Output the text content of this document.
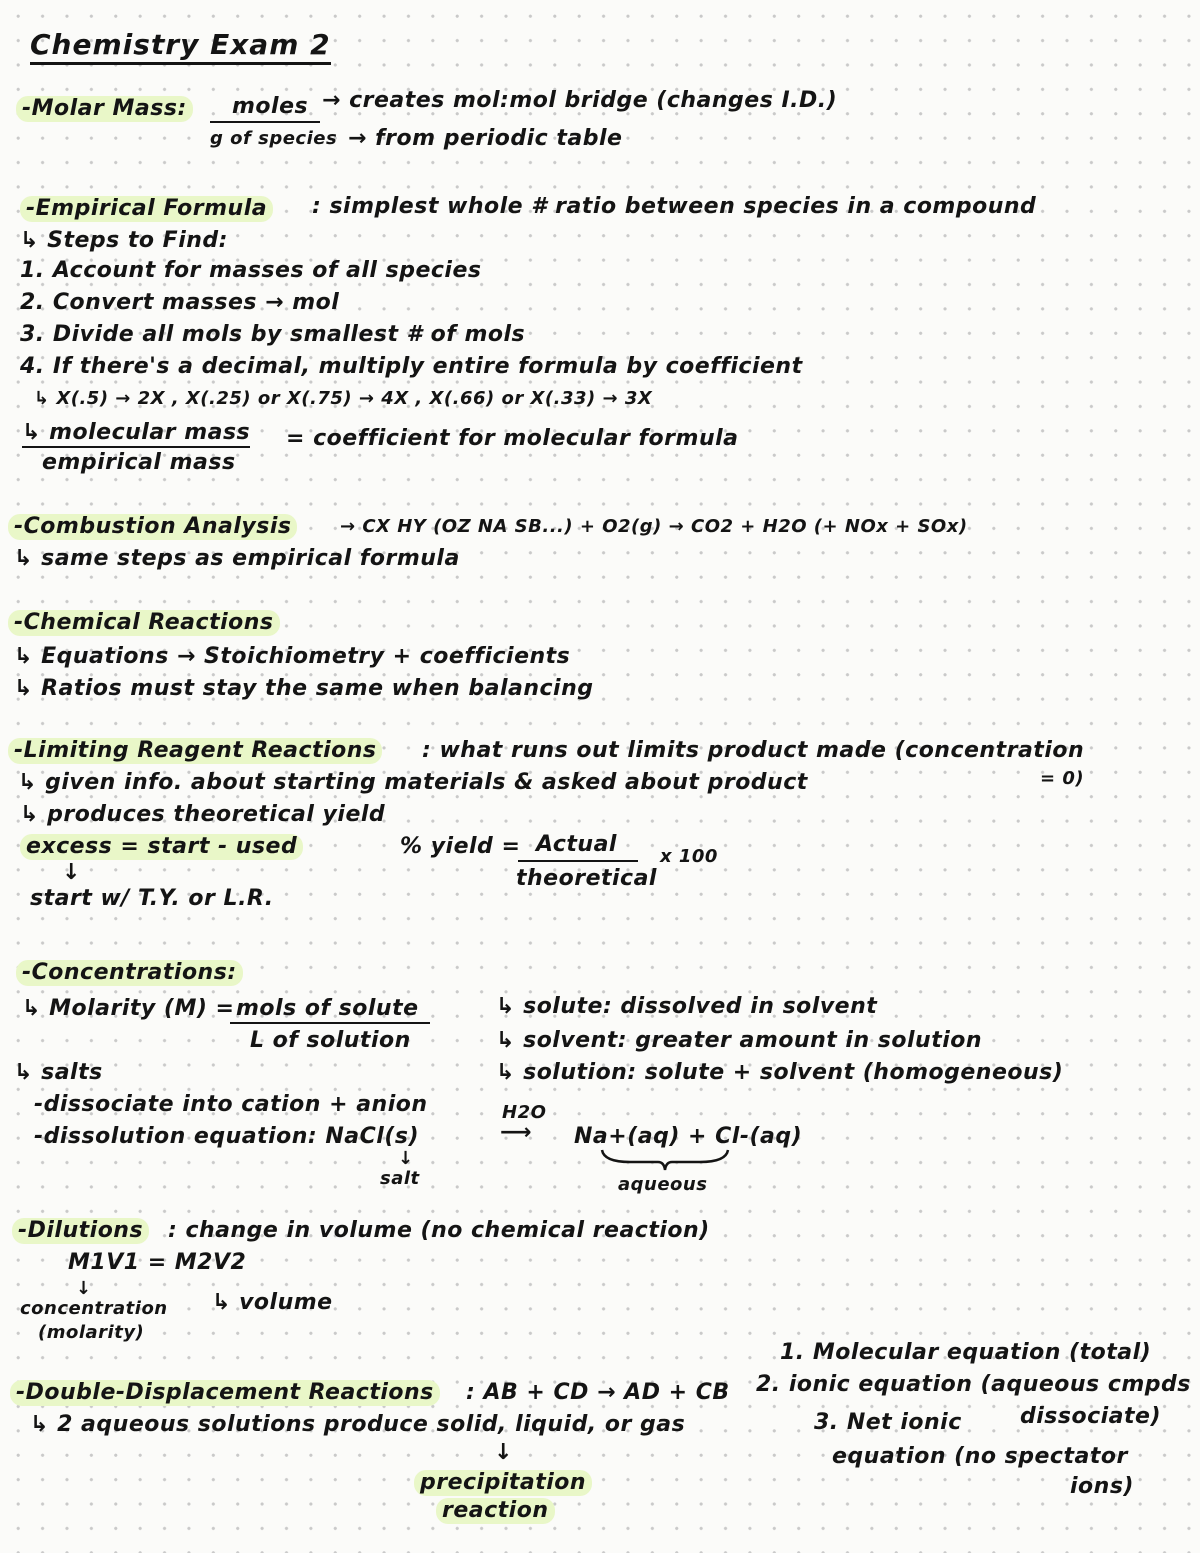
Chemistry Exam 2
-Molar Mass: moles → creates mol:mol bridge (changes I.D.)
g of species → from periodic table
-Empirical Formula : simplest whole # ratio between species in a compound
↳ Steps to Find:
1. Account for masses of all species
2. Convert masses → mol
3. Divide all mols by smallest # of mols
4. If there's a decimal, multiply entire formula by coefficient
↳ X(.5) → 2X , X(.25) or X(.75) → 4X , X(.66) or X(.33) → 3X
↳ molecular mass = coefficient for molecular formula
empirical mass
-Combustion Analysis	→ CX HY (OZ NA SB...) + O2(g) → CO2 + H2O (+ NOx + SOx)
↳ same steps as empirical formula
-Chemical Reactions
↳ Equations → Stoichiometry + coefficients
↳ Ratios must stay the same when balancing
-Limiting Reagent Reactions : what runs out limits product made (concentration
= 0)
↳ given info. about starting materials & asked about product
↳ produces theoretical yield
excess = start - used
↓
start w/ T.Y. or L.R.
% yield = Actual
theoretical
x 100
-Concentrations:
↳ Molarity (M) = mols of solute
L of solution
↳ solute: dissolved in solvent
↳ solvent: greater amount in solution
↳ solution: solute + solvent (homogeneous)
↳ salts
-dissociate into cation + anion
-dissolution equation: NaCl(s)
H2O
⟶ Na+(aq) + Cl-(aq)
↓
salt	aqueous
-Dilutions : change in volume (no chemical reaction)
M1V1 = M2V2
↓
concentration
(molarity)
↳ volume
-Double-Displacement Reactions : AB + CD → AD + CB
↳ 2 aqueous solutions produce solid, liquid, or gas
↓
precipitation
reaction
1. Molecular equation (total)
2. ionic equation (aqueous cmpds
dissociate)
3. Net ionic
equation (no spectator
ions)
